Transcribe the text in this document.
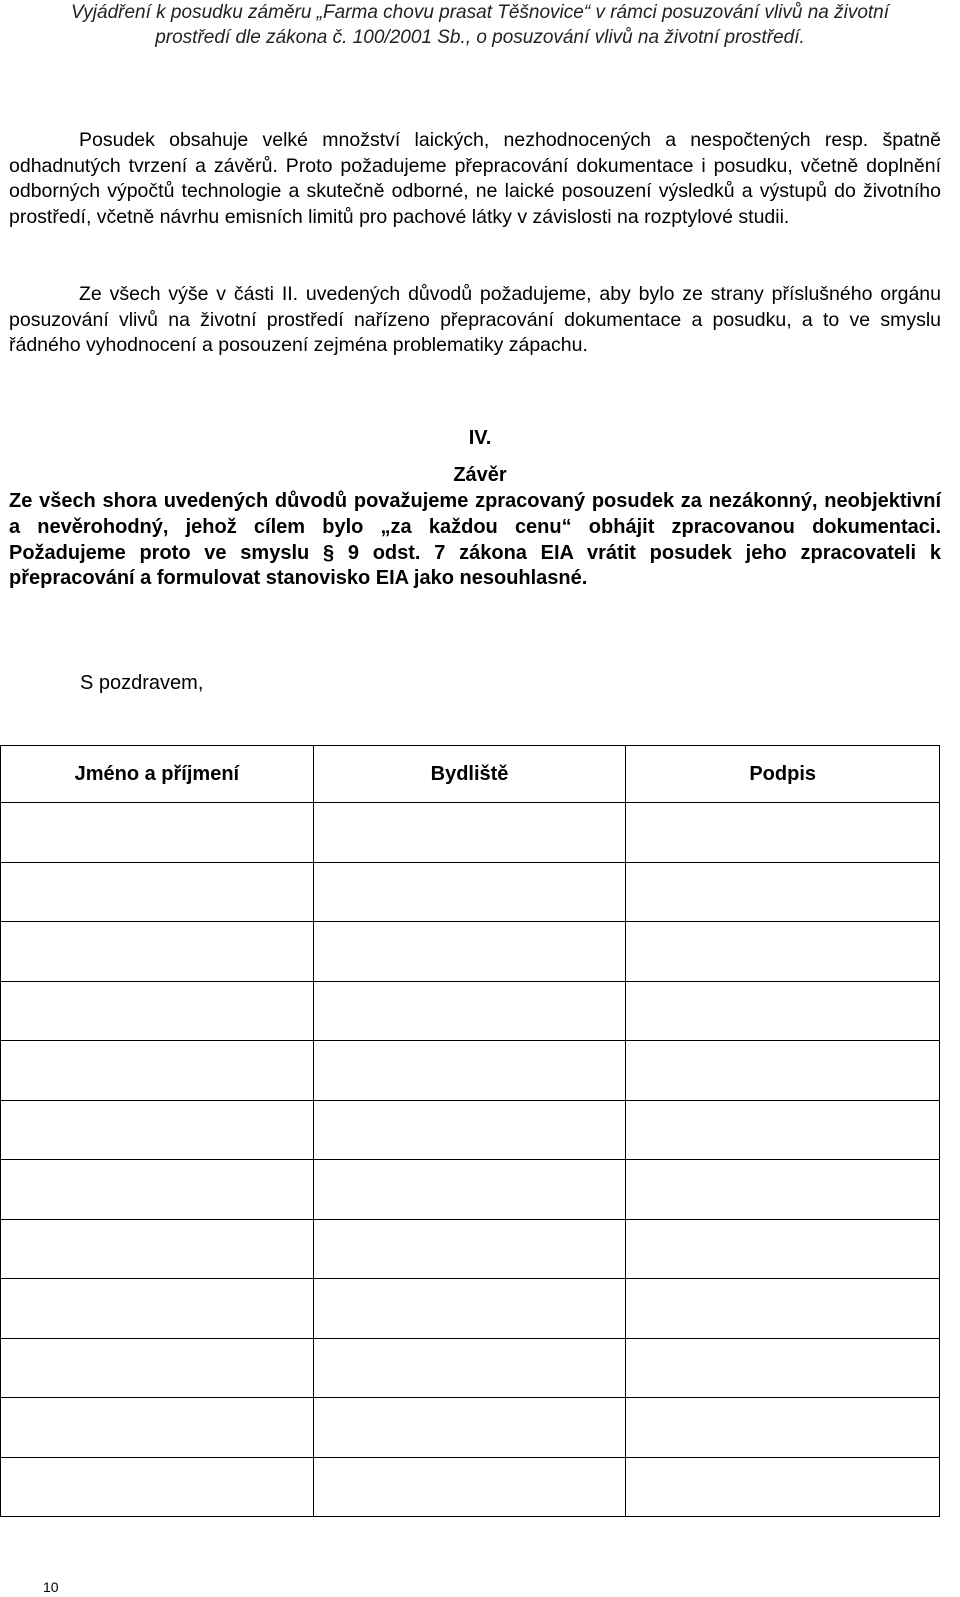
Vyjádření k posudku záměru „Farma chovu prasat Těšnovice“ v rámci posuzování vlivů na životní

prostředí dle zákona č. 100/2001 Sb., o posuzování vlivů na životní prostředí.

Posudek obsahuje velké množství laických, nezhodnocených a nespočtených resp. špatně odhadnutých tvrzení a závěrů. Proto požadujeme přepracování dokumentace i posudku, včetně doplnění odborných výpočtů technologie a skutečně odborné, ne laické posouzení výsledků a výstupů do životního prostředí, včetně návrhu emisních limitů pro pachové látky v závislosti na rozptylové studii.

Ze všech výše v části II. uvedených důvodů požadujeme, aby bylo ze strany příslušného orgánu posuzování vlivů na životní prostředí nařízeno přepracování dokumentace a posudku, a to ve smyslu řádného vyhodnocení a posouzení zejména problematiky zápachu.

IV.

Závěr

Ze všech shora uvedených důvodů považujeme zpracovaný posudek za nezákonný, neobjektivní a nevěrohodný, jehož cílem bylo „za každou cenu“ obhájit zpracovanou dokumentaci. Požadujeme proto ve smyslu § 9 odst. 7 zákona EIA vrátit posudek jeho zpracovateli k přepracování a formulovat stanovisko EIA jako nesouhlasné.

S pozdravem,

Jméno a příjmení	Bydliště	Podpis

10
